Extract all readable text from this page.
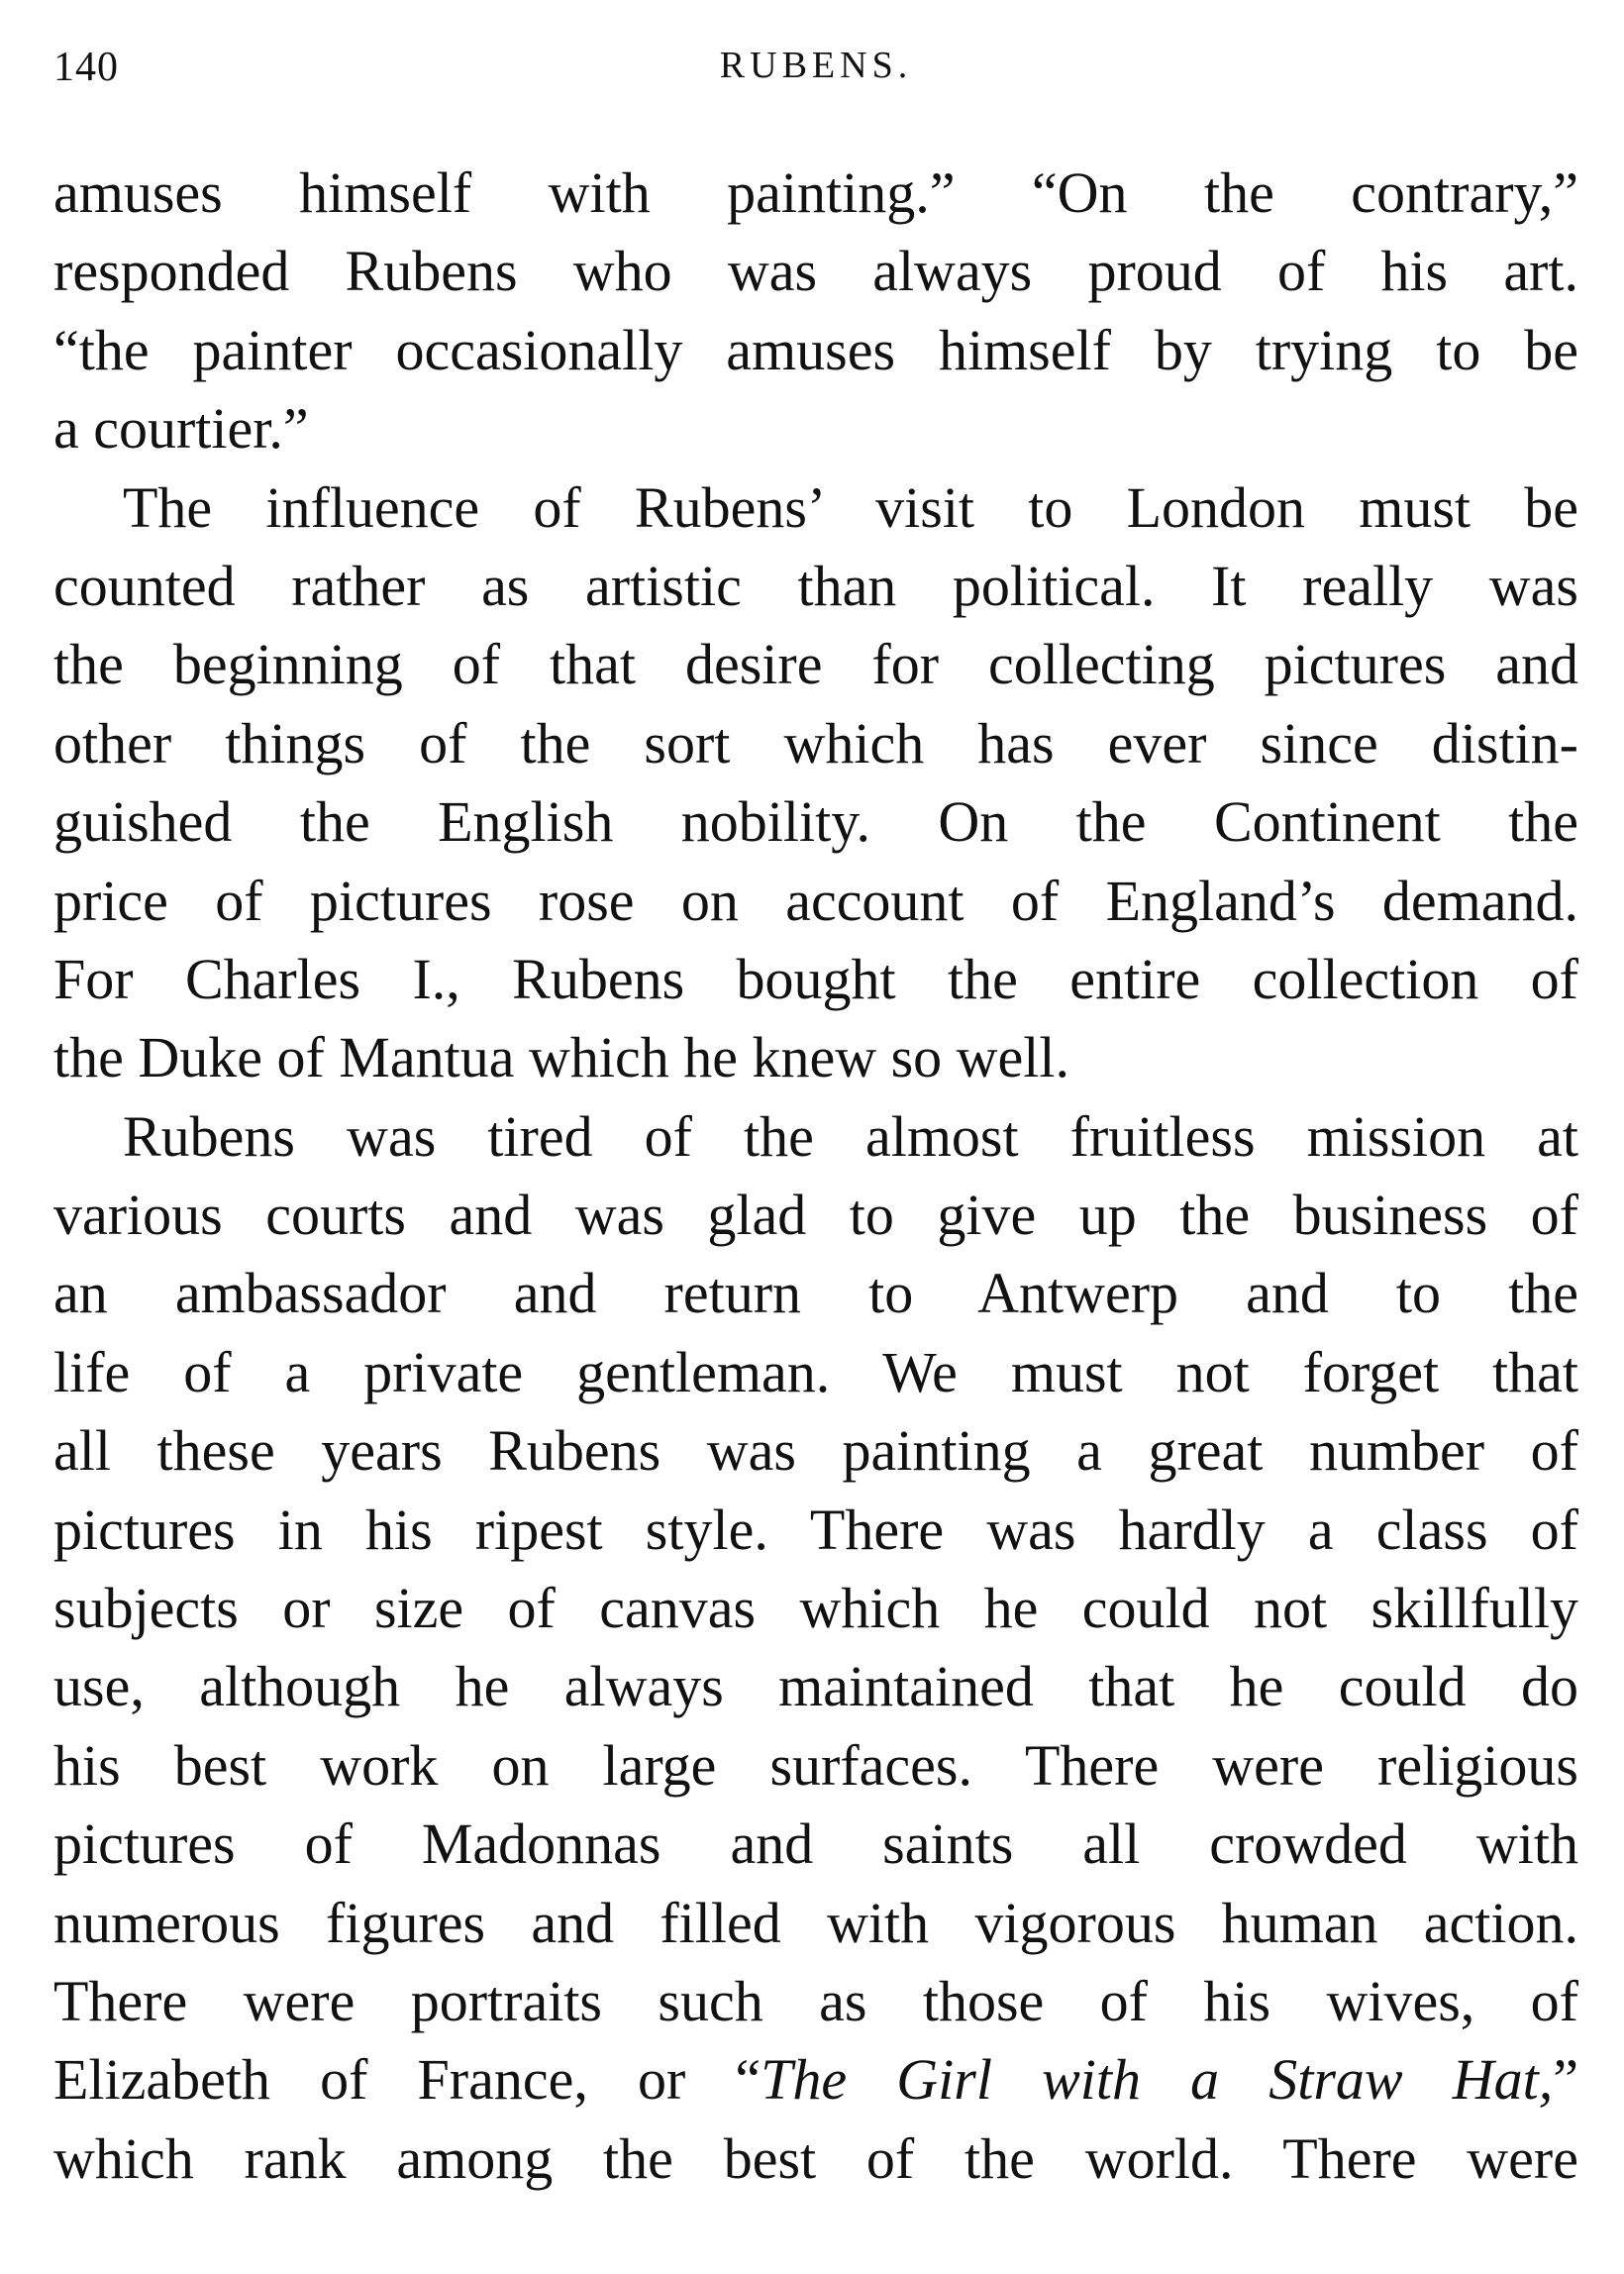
140	RUBENS.
amuses himself with painting.” “On the contrary,”
responded Rubens who was always proud of his art.
“the painter occasionally amuses himself by trying to be
a courtier.”
The influence of Rubens’ visit to London must be
counted rather as artistic than political. It really was
the beginning of that desire for collecting pictures and
other things of the sort which has ever since distin-
guished the English nobility. On the Continent the
price of pictures rose on account of England’s demand.
For Charles I., Rubens bought the entire collection of
the Duke of Mantua which he knew so well.
Rubens was tired of the almost fruitless mission at
various courts and was glad to give up the business of
an ambassador and return to Antwerp and to the
life of a private gentleman. We must not forget that
all these years Rubens was painting a great number of
pictures in his ripest style. There was hardly a class of
subjects or size of canvas which he could not skillfully
use, although he always maintained that he could do
his best work on large surfaces. There were religious
pictures of Madonnas and saints all crowded with
numerous figures and filled with vigorous human action.
There were portraits such as those of his wives, of
Elizabeth of France, or “The Girl with a Straw Hat,”
which rank among the best of the world. There were
